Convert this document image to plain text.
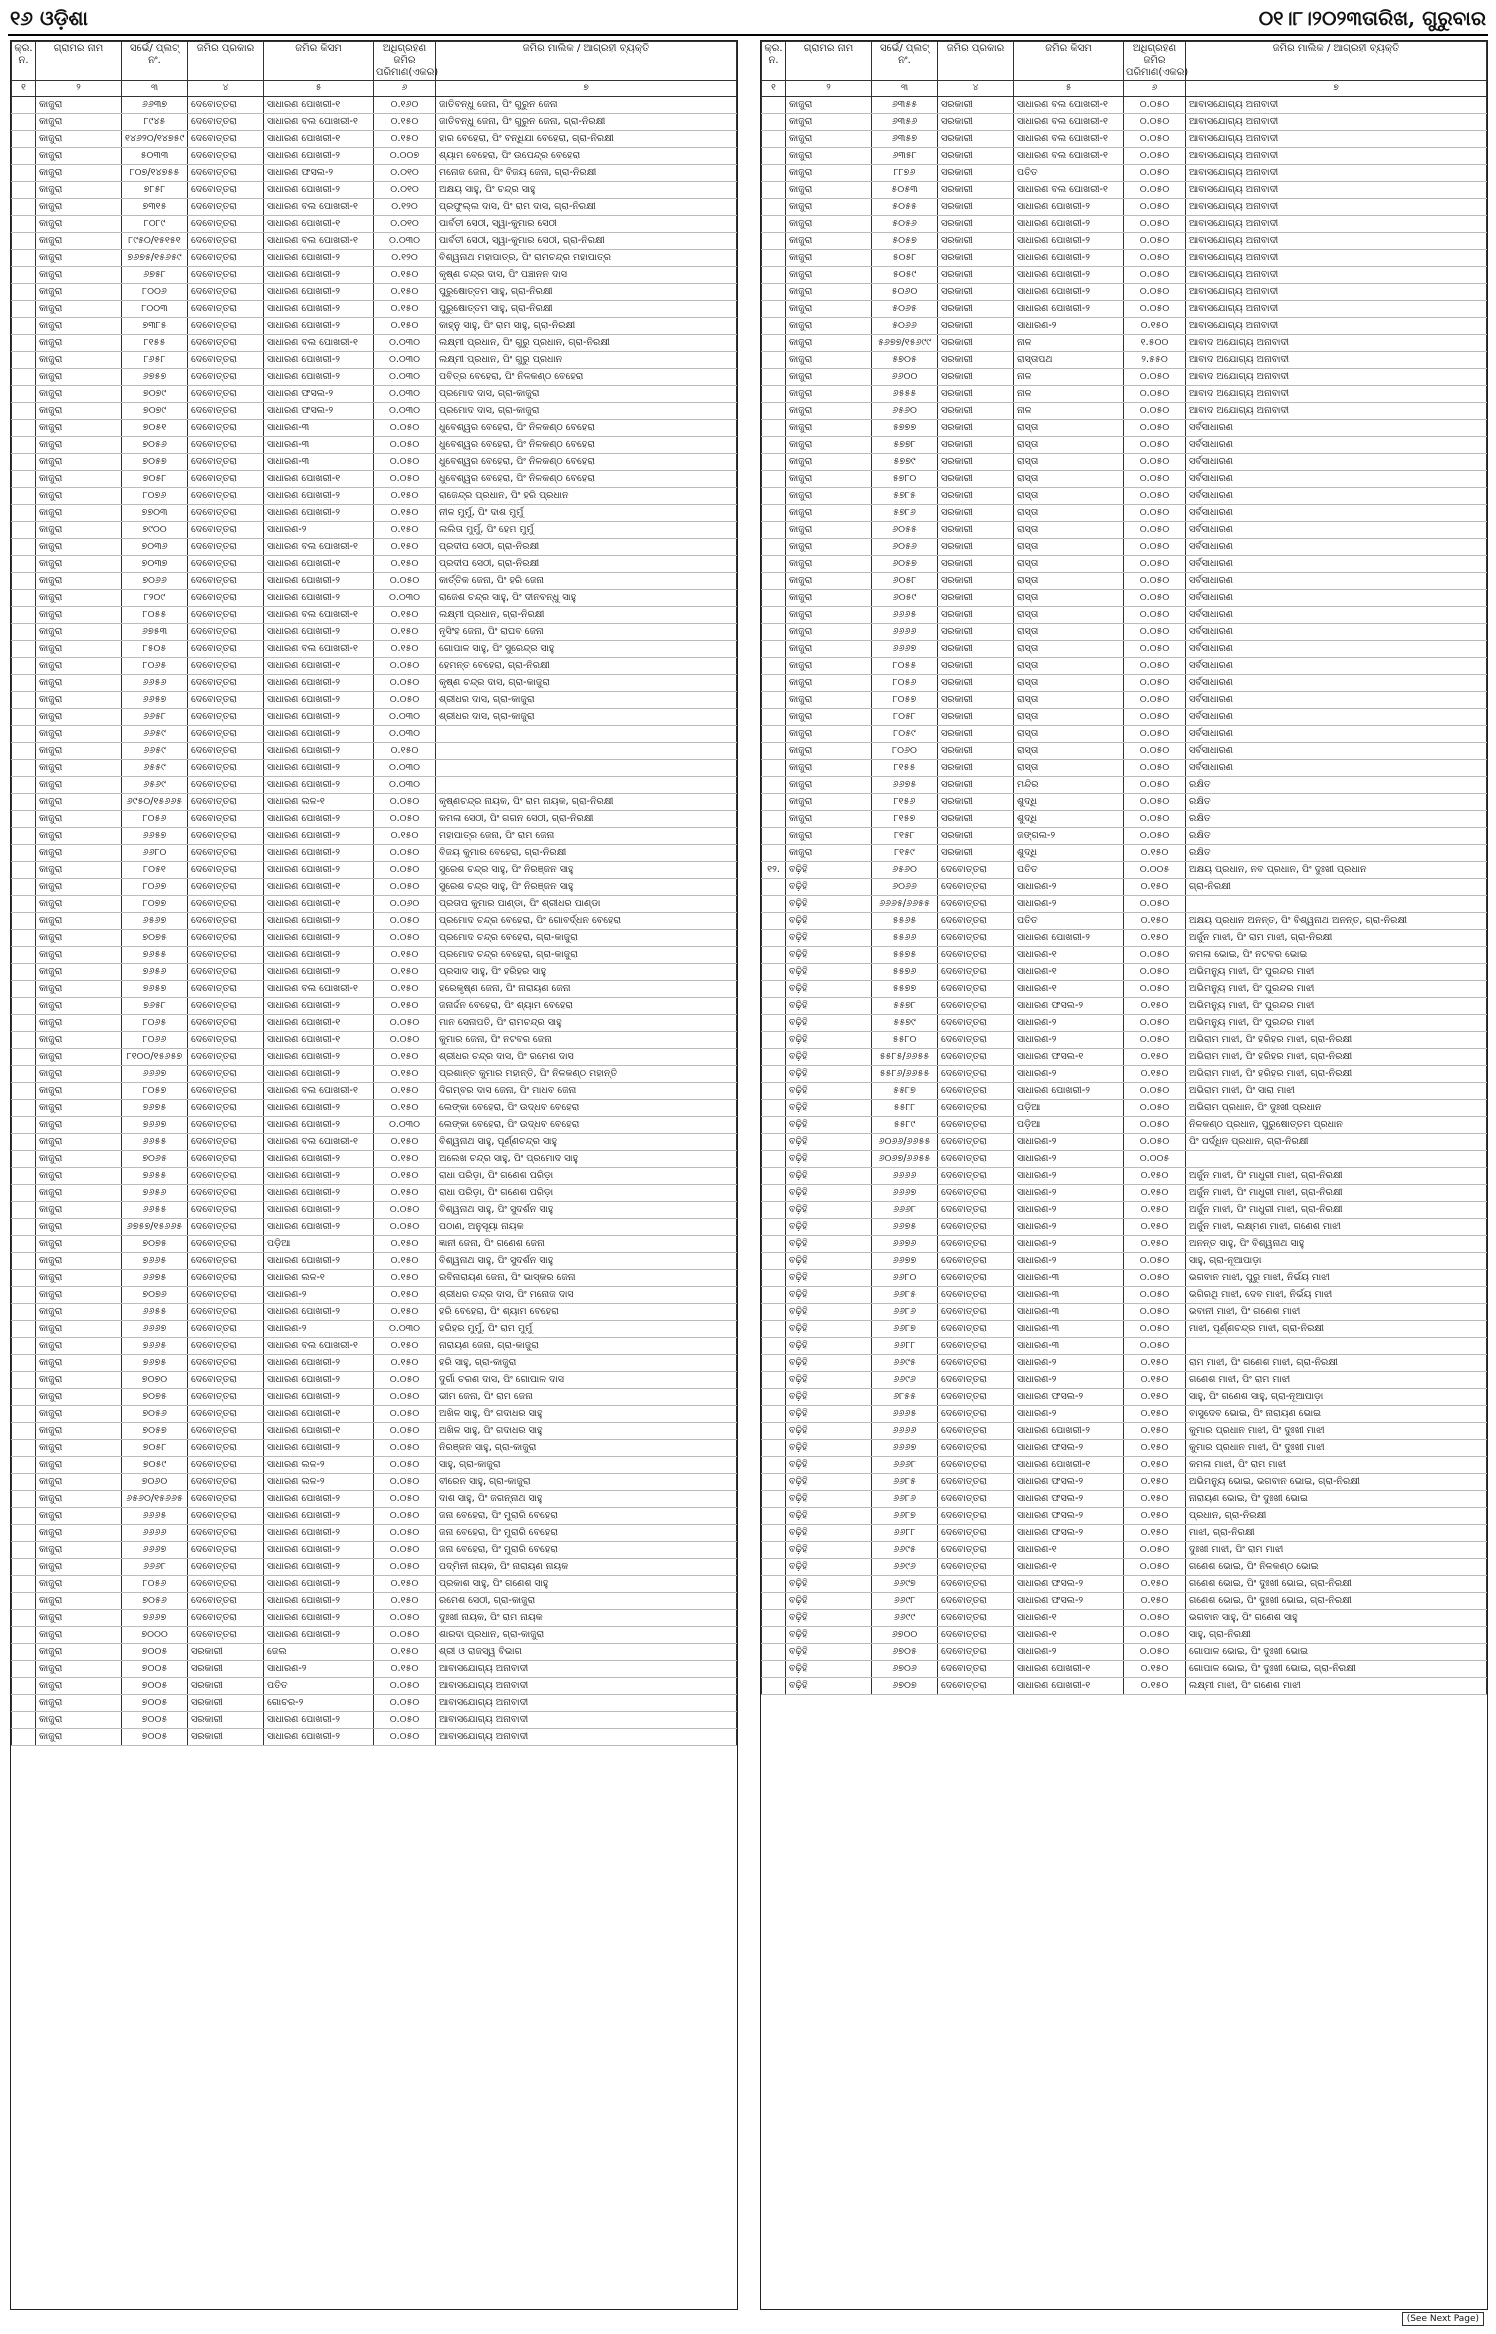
୧୬ ଓଡ଼ିଶା	୦୧।୮।୨୦୨୩ତାରିଖ, ଗୁରୁବାର
କ୍ର. ନ.	ଗ୍ରାମର ନାମ	ସର୍ଭେ/ ପ୍ଲଟ୍ ନଂ.	ଜମିର ପ୍ରକାର	ଜମିର କିସମ	ଅଧିଗ୍ରହଣ ଜମିର ପରିମାଣ(ଏକର)	ଜମିର ମାଲିକ / ଆଗ୍ରହୀ ବ୍ୟକ୍ତି
୧	୨	୩	୪	୫	୬	୭
	କାଜୁରା	୬୬୩୭	ଦେବୋତ୍ତରା	ସାଧାରଣ ପୋଖରୀ-୧	୦.୧୬୦	ଜାତିବନ୍ଧୁ ଜେନା, ପିଂ ଗୁରୁନ ଜେନା
	କାଜୁରା	୮୯୪୫	ଦେବୋତ୍ତରା	ସାଧାରଣ ବଲ ପୋଖରୀ-୧	୦.୧୫୦	ଜାତିବନ୍ଧୁ ଜେନା, ପିଂ ଗୁରୁନ ଜେନା, ଗ୍ରା-ନିରକ୍ଷୀ
	କାଜୁରା	୧୪୬୨୦/୧୪୭୫୯	ଦେବୋତ୍ତରା	ସାଧାରଣ ପୋଖରୀ-୧	୦.୧୫୦	ହାର ବେହେରା, ପିଂ ବନ୍ଧିଯା ବେହେରା, ଗ୍ରା-ନିରକ୍ଷୀ
	କାଜୁରା	୫୦୩୩	ଦେବୋତ୍ତରା	ସାଧାରଣ ପୋଖରୀ-୨	୦.୦୦୭	ଶ୍ୟାମ ବେହେରା, ପିଂ ଉପେନ୍ଦ୍ର ବେହେରା
	କାଜୁରା	୮୦୭/୧୪୭୫୫	ଦେବୋତ୍ତରା	ସାଧାରଣ ଫସଲ-୨	୦.୦୧୦	ମନୋଜ ଜେନା, ପିଂ ବିଜୟ ଜେନା, ଗ୍ରା-ନିରକ୍ଷୀ
	କାଜୁରା	୭୮୫୮	ଦେବୋତ୍ତରା	ସାଧାରଣ ପୋଖରୀ-୨	୦.୦୧୦	ଅକ୍ଷୟ ସାହୁ, ପିଂ ଚନ୍ଦ୍ର ସାହୁ
	କାଜୁରା	୭୩୧୫	ଦେବୋତ୍ତରା	ସାଧାରଣ ବଲ ପୋଖରୀ-୧	୦.୧୨୦	ପ୍ରଫୁଲ୍ଲ ଦାସ, ପିଂ ରାମ ଦାସ, ଗ୍ରା-ନିରକ୍ଷୀ
	କାଜୁରା	୮୦୮୯	ଦେବୋତ୍ତରା	ସାଧାରଣ ପୋଖରୀ-୧	୦.୦୧୦	ପାର୍ବତୀ ସେଠୀ, ସ୍ୱା-କୁମାର ସେଠୀ
	କାଜୁରା	୮୯୫୦/୧୫୧୫୧	ଦେବୋତ୍ତରା	ସାଧାରଣ ବଲ ପୋଖରୀ-୧	୦.୦୩୦	ପାର୍ବତୀ ସେଠୀ, ସ୍ୱା-କୁମାର ସେଠୀ, ଗ୍ରା-ନିରକ୍ଷୀ
	କାଜୁରା	୭୬୭୫/୧୫୬୫୯	ଦେବୋତ୍ତରା	ସାଧାରଣ ପୋଖରୀ-୨	୦.୧୨୦	ବିଶ୍ୱନାଥ ମହାପାତ୍ର, ପିଂ ରାମଚନ୍ଦ୍ର ମହାପାତ୍ର
	କାଜୁରା	୬୭୫୮	ଦେବୋତ୍ତରା	ସାଧାରଣ ପୋଖରୀ-୨	୦.୧୫୦	କୃଷ୍ଣ ଚନ୍ଦ୍ର ଦାସ, ପିଂ ପଞ୍ଚାନନ ଦାସ
	କାଜୁରା	୮୦୦୬	ଦେବୋତ୍ତରା	ସାଧାରଣ ପୋଖରୀ-୨	୦.୧୫୦	ପୁରୁଷୋତ୍ତମ ସାହୁ, ଗ୍ରା-ନିରକ୍ଷୀ
	କାଜୁରା	୮୦୦୩	ଦେବୋତ୍ତରା	ସାଧାରଣ ପୋଖରୀ-୨	୦.୧୫୦	ପୁରୁଷୋତ୍ତମ ସାହୁ, ଗ୍ରା-ନିରକ୍ଷୀ
	କାଜୁରା	୭୩୮୫	ଦେବୋତ୍ତରା	ସାଧାରଣ ପୋଖରୀ-୨	୦.୧୫୦	କାହ୍ନୁ ସାହୁ, ପିଂ ରାମ ସାହୁ, ଗ୍ରା-ନିରକ୍ଷୀ
	କାଜୁରା	୮୧୫୫	ଦେବୋତ୍ତରା	ସାଧାରଣ ବଲ ପୋଖରୀ-୧	୦.୦୩୦	ଲକ୍ଷ୍ମୀ ପ୍ରଧାନ, ପିଂ ଗୁରୁ ପ୍ରଧାନ, ଗ୍ରା-ନିରକ୍ଷୀ
	କାଜୁରା	୮୬୫୮	ଦେବୋତ୍ତରା	ସାଧାରଣ ପୋଖରୀ-୨	୦.୦୩୦	ଲକ୍ଷ୍ମୀ ପ୍ରଧାନ, ପିଂ ଗୁରୁ ପ୍ରଧାନ
	କାଜୁରା	୬୭୫୭	ଦେବୋତ୍ତରା	ସାଧାରଣ ପୋଖରୀ-୨	୦.୦୩୦	ପବିତ୍ର ବେହେରା, ପିଂ ନିଳକଣ୍ଠ ବେହେରା
	କାଜୁରା	୭୦୭୯	ଦେବୋତ୍ତରା	ସାଧାରଣ ଫସଲ-୨	୦.୦୩୦	ପ୍ରମୋଦ ଦାସ, ଗ୍ରା-କାଜୁରା
	କାଜୁରା	୭୦୭୯	ଦେବୋତ୍ତରା	ସାଧାରଣ ଫସଲ-୨	୦.୦୩୦	ପ୍ରମୋଦ ଦାସ, ଗ୍ରା-କାଜୁରା
	କାଜୁରା	୭୦୫୧	ଦେବୋତ୍ତରା	ସାଧାରଣ-୩	୦.୦୫୦	ଧୁବେଶ୍ୱର ବେହେରା, ପିଂ ନିଳକଣ୍ଠ ବେହେରା
	କାଜୁରା	୭୦୫୬	ଦେବୋତ୍ତରା	ସାଧାରଣ-୩	୦.୦୫୦	ଧୁବେଶ୍ୱର ବେହେରା, ପିଂ ନିଳକଣ୍ଠ ବେହେରା
	କାଜୁରା	୭୦୫୭	ଦେବୋତ୍ତରା	ସାଧାରଣ-୩	୦.୦୫୦	ଧୁବେଶ୍ୱର ବେହେରା, ପିଂ ନିଳକଣ୍ଠ ବେହେରା
	କାଜୁରା	୭୦୫୮	ଦେବୋତ୍ତରା	ସାଧାରଣ ପୋଖରୀ-୧	୦.୦୫୦	ଧୁବେଶ୍ୱର ବେହେରା, ପିଂ ନିଳକଣ୍ଠ ବେହେରା
	କାଜୁରା	୮୦୭୬	ଦେବୋତ୍ତରା	ସାଧାରଣ ପୋଖରୀ-୨	୦.୧୫୦	ରାଜେନ୍ଦ୍ର ପ୍ରଧାନ, ପିଂ ହରି ପ୍ରଧାନ
	କାଜୁରା	୭୭୦୩	ଦେବୋତ୍ତରା	ସାଧାରଣ ପୋଖରୀ-୨	୦.୧୫୦	ନୀଳ ମୁର୍ମୁ, ପିଂ ଦାଶ ମୁର୍ମୁ
	କାଜୁରା	୭୯୦୦	ଦେବୋତ୍ତରା	ସାଧାରଣ-୨	୦.୧୫୦	ଲଲିତା ମୁର୍ମୁ, ପିଂ ହେମ ମୁର୍ମୁ
	କାଜୁରା	୭୦୩୬	ଦେବୋତ୍ତରା	ସାଧାରଣ ବଲ ପୋଖରୀ-୧	୦.୧୫୦	ପ୍ରଦୀପ ସେଠୀ, ଗ୍ରା-ନିରକ୍ଷୀ
	କାଜୁରା	୭୦୩୭	ଦେବୋତ୍ତରା	ସାଧାରଣ ପୋଖରୀ-୧	୦.୧୫୦	ପ୍ରଦୀପ ସେଠୀ, ଗ୍ରା-ନିରକ୍ଷୀ
	କାଜୁରା	୭୦୬୬	ଦେବୋତ୍ତରା	ସାଧାରଣ ପୋଖରୀ-୨	୦.୦୫୦	କାର୍ତ୍ତିକ ଜେନା, ପିଂ ହରି ଜେନା
	କାଜୁରା	୮୨୦୯	ଦେବୋତ୍ତରା	ସାଧାରଣ ପୋଖରୀ-୨	୦.୦୩୦	ରାଜେଶ ଚନ୍ଦ୍ର ସାହୁ, ପିଂ ଦୀନବନ୍ଧୁ ସାହୁ
	କାଜୁରା	୮୦୫୫	ଦେବୋତ୍ତରା	ସାଧାରଣ ବଲ ପୋଖରୀ-୧	୦.୧୫୦	ଲକ୍ଷ୍ମୀ ପ୍ରଧାନ, ଗ୍ରା-ନିରକ୍ଷୀ
	କାଜୁରା	୬୭୫୩	ଦେବୋତ୍ତରା	ସାଧାରଣ ପୋଖରୀ-୨	୦.୧୫୦	ନୃସିଂହ ଜେନା, ପିଂ ରାଘବ ଜେନା
	କାଜୁରା	୮୫୦୫	ଦେବୋତ୍ତରା	ସାଧାରଣ ବଲ ପୋଖରୀ-୧	୦.୧୫୦	ଗୋପାଳ ସାହୁ, ପିଂ ସୁରେନ୍ଦ୍ର ସାହୁ
	କାଜୁରା	୮୦୬୫	ଦେବୋତ୍ତରା	ସାଧାରଣ ପୋଖରୀ-୧	୦.୦୫୦	ହେମନ୍ତ ବେହେରା, ଗ୍ରା-ନିରକ୍ଷୀ
	କାଜୁରା	୬୬୫୬	ଦେବୋତ୍ତରା	ସାଧାରଣ ପୋଖରୀ-୨	୦.୦୫୦	କୃଷ୍ଣ ଚନ୍ଦ୍ର ଦାସ, ଗ୍ରା-କାଜୁରା
	କାଜୁରା	୬୬୫୭	ଦେବୋତ୍ତରା	ସାଧାରଣ ପୋଖରୀ-୨	୦.୦୫୦	ଶ୍ରୀଧର ଦାସ, ଗ୍ରା-କାଜୁରା
	କାଜୁରା	୬୬୫୮	ଦେବୋତ୍ତରା	ସାଧାରଣ ପୋଖରୀ-୨	୦.୦୩୦	ଶ୍ରୀଧର ଦାସ, ଗ୍ରା-କାଜୁରା
	କାଜୁରା	୬୬୫୯	ଦେବୋତ୍ତରା	ସାଧାରଣ ପୋଖରୀ-୨	୦.୦୩୦	
	କାଜୁରା	୬୬୫୯	ଦେବୋତ୍ତରା	ସାଧାରଣ ପୋଖରୀ-୨	୦.୧୫୦	
	କାଜୁରା	୬୫୫୯	ଦେବୋତ୍ତରା	ସାଧାରଣ ପୋଖରୀ-୨	୦.୦୩୦	
	କାଜୁରା	୬୫୬୯	ଦେବୋତ୍ତରା	ସାଧାରଣ ପୋଖରୀ-୨	୦.୦୩୦	
	କାଜୁରା	୬୯୫୦/୧୫୬୬୫	ଦେବୋତ୍ତରା	ସାଧାରଣ ଲଳ-୧	୦.୦୫୦	କୃଷ୍ଣଚନ୍ଦ୍ର ନାୟକ, ପିଂ ରାମ ନାୟକ, ଗ୍ରା-ନିରକ୍ଷୀ
	କାଜୁରା	୮୦୫୬	ଦେବୋତ୍ତରା	ସାଧାରଣ ପୋଖରୀ-୨	୦.୦୫୦	କମଳା ସେଠୀ, ପିଂ ଗଗନ ସେଠୀ, ଗ୍ରା-ନିରକ୍ଷୀ
	କାଜୁରା	୬୬୫୭	ଦେବୋତ୍ତରା	ସାଧାରଣ ପୋଖରୀ-୨	୦.୧୫୦	ମହାପାତ୍ର ଜେନା, ପିଂ ରାମ ଜେନା
	କାଜୁରା	୬୬୮୦	ଦେବୋତ୍ତରା	ସାଧାରଣ ପୋଖରୀ-୨	୦.୦୫୦	ବିଜୟ କୁମାର ବେହେରା, ଗ୍ରା-ନିରକ୍ଷୀ
	କାଜୁରା	୮୦୫୧	ଦେବୋତ୍ତରା	ସାଧାରଣ ପୋଖରୀ-୨	୦.୦୫୦	ସୁରେଶ ଚନ୍ଦ୍ର ସାହୁ, ପିଂ ନିରଞ୍ଜନ ସାହୁ
	କାଜୁରା	୮୦୬୭	ଦେବୋତ୍ତରା	ସାଧାରଣ ପୋଖରୀ-୧	୦.୦୫୦	ସୁରେଶ ଚନ୍ଦ୍ର ସାହୁ, ପିଂ ନିରଞ୍ଜନ ସାହୁ
	କାଜୁରା	୮୦୭୭	ଦେବୋତ୍ତରା	ସାଧାରଣ ପୋଖରୀ-୧	୦.୦୬୦	ପ୍ରତାପ କୁମାର ପାଣ୍ଡା, ପିଂ ଶ୍ରୀଧର ପାଣ୍ଡା
	କାଜୁରା	୬୫୬୭	ଦେବୋତ୍ତରା	ସାଧାରଣ ପୋଖରୀ-୨	୦.୦୫୦	ପ୍ରମୋଦ ଚନ୍ଦ୍ର ବେହେରା, ପିଂ ଗୋବର୍ଦ୍ଧନ ବେହେରା
	କାଜୁରା	୭୦୭୫	ଦେବୋତ୍ତରା	ସାଧାରଣ ପୋଖରୀ-୨	୦.୦୫୦	ପ୍ରମୋଦ ଚନ୍ଦ୍ର ବେହେରା, ଗ୍ରା-କାଜୁରା
	କାଜୁରା	୭୬୫୫	ଦେବୋତ୍ତରା	ସାଧାରଣ ପୋଖରୀ-୨	୦.୧୫୦	ପ୍ରମୋଦ ଚନ୍ଦ୍ର ବେହେରା, ଗ୍ରା-କାଜୁରା
	କାଜୁରା	୭୬୫୬	ଦେବୋତ୍ତରା	ସାଧାରଣ ପୋଖରୀ-୨	୦.୧୫୦	ପ୍ରସାଦ ସାହୁ, ପିଂ ହରିହର ସାହୁ
	କାଜୁରା	୭୬୫୭	ଦେବୋତ୍ତରା	ସାଧାରଣ ବଲ ପୋଖରୀ-୧	୦.୧୫୦	ହରେକୃଷ୍ଣ ଜେନା, ପିଂ ନାରାୟଣ ଜେନା
	କାଜୁରା	୭୬୫୮	ଦେବୋତ୍ତରା	ସାଧାରଣ ପୋଖରୀ-୨	୦.୧୫୦	ଜନାର୍ଦ୍ଦନ ବେହେରା, ପିଂ ଶ୍ୟାମ ବେହେରା
	କାଜୁରା	୮୦୬୫	ଦେବୋତ୍ତରା	ସାଧାରଣ ପୋଖରୀ-୧	୦.୦୫୦	ମାନ ସେନାପତି, ପିଂ ରାମଚନ୍ଦ୍ର ସାହୁ
	କାଜୁରା	୮୦୬୬	ଦେବୋତ୍ତରା	ସାଧାରଣ ପୋଖରୀ-୧	୦.୦୫୦	କୁମାର ଜେନା, ପିଂ ନଟବର ଜେନା
	କାଜୁରା	୮୧୦୦/୧୫୬୫୭	ଦେବୋତ୍ତରା	ସାଧାରଣ ପୋଖରୀ-୨	୦.୧୫୦	ଶ୍ରୀଧର ଚନ୍ଦ୍ର ଦାସ, ପିଂ ରମେଶ ଦାସ
	କାଜୁରା	୬୬୬୭	ଦେବୋତ୍ତରା	ସାଧାରଣ ପୋଖରୀ-୨	୦.୧୫୦	ପ୍ରଶାନ୍ତ କୁମାର ମହାନ୍ତି, ପିଂ ନିଳକଣ୍ଠ ମହାନ୍ତି
	କାଜୁରା	୮୦୫୭	ଦେବୋତ୍ତରା	ସାଧାରଣ ବଲ ପୋଖରୀ-୧	୦.୧୫୦	ଦିଗମ୍ବର ଦାସ ଜେନା, ପିଂ ମାଧବ ଜେନା
	କାଜୁରା	୭୬୭୫	ଦେବୋତ୍ତରା	ସାଧାରଣ ପୋଖରୀ-୨	୦.୧୫୦	ଲେଙ୍କା ବେହେରା, ପିଂ ଉଦ୍ଧବ ବେହେରା
	କାଜୁରା	୭୬୬୭	ଦେବୋତ୍ତରା	ସାଧାରଣ ପୋଖରୀ-୨	୦.୦୩୦	ଲେଙ୍କା ବେହେରା, ପିଂ ଉଦ୍ଧବ ବେହେରା
	କାଜୁରା	୬୬୫୫	ଦେବୋତ୍ତରା	ସାଧାରଣ ବଲ ପୋଖରୀ-୧	୦.୧୫୦	ବିଶ୍ୱନାଥ ସାହୁ, ପୂର୍ଣ୍ଣଚନ୍ଦ୍ର ସାହୁ
	କାଜୁରା	୭୦୬୫	ଦେବୋତ୍ତରା	ସାଧାରଣ ପୋଖରୀ-୨	୦.୧୫୦	ଅଲେଖ ଚନ୍ଦ୍ର ସାହୁ, ପିଂ ପ୍ରମୋଦ ସାହୁ
	କାଜୁରା	୭୬୫୫	ଦେବୋତ୍ତରା	ସାଧାରଣ ପୋଖରୀ-୨	୦.୧୫୦	ରାଧା ପରିଡ଼ା, ପିଂ ଗଣେଶ ପରିଡ଼ା
	କାଜୁରା	୭୬୫୬	ଦେବୋତ୍ତରା	ସାଧାରଣ ପୋଖରୀ-୨	୦.୧୫୦	ରାଧା ପରିଡ଼ା, ପିଂ ଗଣେଶ ପରିଡ଼ା
	କାଜୁରା	୬୬୫୫	ଦେବୋତ୍ତରା	ସାଧାରଣ ପୋଖରୀ-୨	୦.୦୫୦	ବିଶ୍ୱନାଥ ସାହୁ, ପିଂ ସୁଦର୍ଶନ ସାହୁ
	କାଜୁରା	୬୭୫୭/୧୫୬୬୫	ଦେବୋତ୍ତରା	ସାଧାରଣ ପୋଖରୀ-୨	୦.୦୫୦	ପଠାଣ, ଅନୁସୂୟା ନାୟକ
	କାଜୁରା	୭୦୭୫	ଦେବୋତ୍ତରା	ପଡ଼ିଆ	୦.୧୫୦	ଜ୍ଞାନୀ ଜେନା, ପିଂ ଗଣେଶ ଜେନା
	କାଜୁରା	୭୬୬୫	ଦେବୋତ୍ତରା	ସାଧାରଣ ପୋଖରୀ-୨	୦.୧୫୦	ବିଶ୍ୱନାଥ ସାହୁ, ପିଂ ସୁଦର୍ଶନ ସାହୁ
	କାଜୁରା	୬୬୭୫	ଦେବୋତ୍ତରା	ସାଧାରଣ ଲଳ-୧	୦.୧୫୦	ରବିନାରାୟଣ ଜେନା, ପିଂ ଭାସ୍କର ଜେନା
	କାଜୁରା	୭୦୭୬	ଦେବୋତ୍ତରା	ସାଧାରଣ-୨	୦.୧୫୦	ଶ୍ରୀଧର ଚନ୍ଦ୍ର ଦାସ, ପିଂ ମନୋଜ ଦାସ
	କାଜୁରା	୬୬୫୫	ଦେବୋତ୍ତରା	ସାଧାରଣ ପୋଖରୀ-୨	୦.୧୫୦	ହରି ବେହେରା, ପିଂ ଶ୍ୟାମ ବେହେରା
	କାଜୁରା	୬୬୬୭	ଦେବୋତ୍ତରା	ସାଧାରଣ-୨	୦.୦୩୦	ହରିହର ମୁର୍ମୁ, ପିଂ ରାମ ମୁର୍ମୁ
	କାଜୁରା	୭୬୬୫	ଦେବୋତ୍ତରା	ସାଧାରଣ ବଲ ପୋଖରୀ-୧	୦.୧୫୦	ନାରାୟଣ ଜେନା, ଗ୍ରା-କାଜୁରା
	କାଜୁରା	୭୬୭୫	ଦେବୋତ୍ତରା	ସାଧାରଣ ପୋଖରୀ-୨	୦.୧୫୦	ହରି ସାହୁ, ଗ୍ରା-କାଜୁରା
	କାଜୁରା	୭୦୭୦	ଦେବୋତ୍ତରା	ସାଧାରଣ ପୋଖରୀ-୨	୦.୦୫୦	ଦୁର୍ଗା ଚରଣ ଦାସ, ପିଂ ଗୋପାଳ ଦାସ
	କାଜୁରା	୭୦୭୫	ଦେବୋତ୍ତରା	ସାଧାରଣ ପୋଖରୀ-୨	୦.୦୫୦	ଭୀମ ଜେନା, ପିଂ ରାମ ଜେନା
	କାଜୁରା	୭୦୫୬	ଦେବୋତ୍ତରା	ସାଧାରଣ ପୋଖରୀ-୧	୦.୦୫୦	ଅଖିଳ ସାହୁ, ପିଂ ଗଦାଧର ସାହୁ
	କାଜୁରା	୭୦୫୭	ଦେବୋତ୍ତରା	ସାଧାରଣ ପୋଖରୀ-୧	୦.୦୫୦	ଅଖିଳ ସାହୁ, ପିଂ ଗଦାଧର ସାହୁ
	କାଜୁରା	୭୦୫୮	ଦେବୋତ୍ତରା	ସାଧାରଣ ପୋଖରୀ-୨	୦.୦୫୦	ନିରଞ୍ଜନ ସାହୁ, ଗ୍ରା-କାଜୁରା
	କାଜୁରା	୭୦୫୯	ଦେବୋତ୍ତରା	ସାଧାରଣ ଲଳ-୨	୦.୦୫୦	ସାହୁ, ଗ୍ରା-କାଜୁରା
	କାଜୁରା	୭୦୬୦	ଦେବୋତ୍ତରା	ସାଧାରଣ ଲଳ-୨	୦.୦୫୦	ବୀରେନ ସାହୁ, ଗ୍ରା-କାଜୁରା
	କାଜୁରା	୬୫୬୦/୧୫୬୬୫	ଦେବୋତ୍ତରା	ସାଧାରଣ ପୋଖରୀ-୨	୦.୦୫୦	ଦାଶ ସାହୁ, ପିଂ ଜଗନ୍ନାଥ ସାହୁ
	କାଜୁରା	୬୬୬୫	ଦେବୋତ୍ତରା	ସାଧାରଣ ପୋଖରୀ-୨	୦.୦୫୦	ଜନା ବେହେରା, ପିଂ ମୁରାରି ବେହେରା
	କାଜୁରା	୬୬୬୬	ଦେବୋତ୍ତରା	ସାଧାରଣ ପୋଖରୀ-୨	୦.୦୫୦	ଜନା ବେହେରା, ପିଂ ମୁରାରି ବେହେରା
	କାଜୁରା	୬୬୬୭	ଦେବୋତ୍ତରା	ସାଧାରଣ ପୋଖରୀ-୨	୦.୦୫୦	ଜନା ବେହେରା, ପିଂ ମୁରାରି ବେହେରା
	କାଜୁରା	୬୬୬୮	ଦେବୋତ୍ତରା	ସାଧାରଣ ପୋଖରୀ-୨	୦.୦୫୦	ପଦ୍ମିନୀ ନାୟକ, ପିଂ ନାରାୟଣ ନାୟକ
	କାଜୁରା	୮୦୫୬	ଦେବୋତ୍ତରା	ସାଧାରଣ ପୋଖରୀ-୨	୦.୧୫୦	ପ୍ରକାଶ ସାହୁ, ପିଂ ଗଣେଶ ସାହୁ
	କାଜୁରା	୭୦୫୬	ଦେବୋତ୍ତରା	ସାଧାରଣ ପୋଖରୀ-୨	୦.୧୫୦	ରମେଶ ସେଠୀ, ଗ୍ରା-କାଜୁରା
	କାଜୁରା	୭୬୬୭	ଦେବୋତ୍ତରା	ସାଧାରଣ ପୋଖରୀ-୨	୦.୦୫୦	ଦୁଃଖୀ ନାୟକ, ପିଂ ରାମ ନାୟକ
	କାଜୁରା	୭୦୦୦	ଦେବୋତ୍ତରା	ସାଧାରଣ ପୋଖରୀ-୨	୦.୦୫୦	ଶାରଦା ପ୍ରଧାନ, ଗ୍ରା-କାଜୁରା
	କାଜୁରା	୭୦୦୫	ସରକାରୀ	ଜେଲ	୦.୧୫୦	ଶ୍ରୀ ଓ ରାଜସ୍ୱ ବିଭାଗ
	କାଜୁରା	୭୦୦୫	ସରକାରୀ	ସାଧାରଣ-୨	୦.୧୫୦	ଆବାସଯୋଗ୍ୟ ଅନାବାଦୀ
	କାଜୁରା	୭୦୦୫	ସରକାରୀ	ପତିତ	୦.୦୫୦	ଆବାସଯୋଗ୍ୟ ଅନାବାଦୀ
	କାଜୁରା	୭୦୦୫	ସରକାରୀ	ଗୋଚର-୨	୦.୦୫୦	ଆବାସଯୋଗ୍ୟ ଅନାବାଦୀ
	କାଜୁରା	୭୦୦୫	ସରକାରୀ	ସାଧାରଣ ପୋଖରୀ-୨	୦.୦୫୦	ଆବାସଯୋଗ୍ୟ ଅନାବାଦୀ
	କାଜୁରା	୭୦୦୫	ସରକାରୀ	ସାଧାରଣ ପୋଖରୀ-୨	୦.୦୫୦	ଆବାସଯୋଗ୍ୟ ଅନାବାଦୀ
କ୍ର. ନ.	ଗ୍ରାମର ନାମ	ସର୍ଭେ/ ପ୍ଲଟ୍ ନଂ.	ଜମିର ପ୍ରକାର	ଜମିର କିସମ	ଅଧିଗ୍ରହଣ ଜମିର ପରିମାଣ(ଏକର)	ଜମିର ମାଲିକ / ଆଗ୍ରହୀ ବ୍ୟକ୍ତି
୧	୨	୩	୪	୫	୬	୭
	କାଜୁରା	୬୩୫୫	ସରକାରୀ	ସାଧାରଣ ବଲ ପୋଖରୀ-୧	୦.୦୫୦	ଆବାସଯୋଗ୍ୟ ଅନାବାଦୀ
	କାଜୁରା	୬୩୫୬	ସରକାରୀ	ସାଧାରଣ ବଲ ପୋଖରୀ-୧	୦.୦୫୦	ଆବାସଯୋଗ୍ୟ ଅନାବାଦୀ
	କାଜୁରା	୬୩୫୭	ସରକାରୀ	ସାଧାରଣ ବଲ ପୋଖରୀ-୧	୦.୦୫୦	ଆବାସଯୋଗ୍ୟ ଅନାବାଦୀ
	କାଜୁରା	୬୩୫୮	ସରକାରୀ	ସାଧାରଣ ବଲ ପୋଖରୀ-୧	୦.୦୫୦	ଆବାସଯୋଗ୍ୟ ଅନାବାଦୀ
	କାଜୁରା	୮୮୭୬	ସରକାରୀ	ପତିତ	୦.୦୫୦	ଆବାସଯୋଗ୍ୟ ଅନାବାଦୀ
	କାଜୁରା	୫୦୫୩	ସରକାରୀ	ସାଧାରଣ ବଲ ପୋଖରୀ-୧	୦.୦୫୦	ଆବାସଯୋଗ୍ୟ ଅନାବାଦୀ
	କାଜୁରା	୫୦୫୫	ସରକାରୀ	ସାଧାରଣ ପୋଖରୀ-୨	୦.୦୫୦	ଆବାସଯୋଗ୍ୟ ଅନାବାଦୀ
	କାଜୁରା	୫୦୫୬	ସରକାରୀ	ସାଧାରଣ ପୋଖରୀ-୨	୦.୦୫୦	ଆବାସଯୋଗ୍ୟ ଅନାବାଦୀ
	କାଜୁରା	୫୦୫୭	ସରକାରୀ	ସାଧାରଣ ପୋଖରୀ-୨	୦.୦୫୦	ଆବାସଯୋଗ୍ୟ ଅନାବାଦୀ
	କାଜୁରା	୫୦୫୮	ସରକାରୀ	ସାଧାରଣ ପୋଖରୀ-୨	୦.୦୫୦	ଆବାସଯୋଗ୍ୟ ଅନାବାଦୀ
	କାଜୁରା	୫୦୫୯	ସରକାରୀ	ସାଧାରଣ ପୋଖରୀ-୨	୦.୦୫୦	ଆବାସଯୋଗ୍ୟ ଅନାବାଦୀ
	କାଜୁରା	୫୦୬୦	ସରକାରୀ	ସାଧାରଣ ପୋଖରୀ-୨	୦.୦୫୦	ଆବାସଯୋଗ୍ୟ ଅନାବାଦୀ
	କାଜୁରା	୫୦୬୫	ସରକାରୀ	ସାଧାରଣ ପୋଖରୀ-୨	୦.୦୫୦	ଆବାସଯୋଗ୍ୟ ଅନାବାଦୀ
	କାଜୁରା	୫୦୬୬	ସରକାରୀ	ସାଧାରଣ-୨	୦.୧୫୦	ଆବାସଯୋଗ୍ୟ ଅନାବାଦୀ
	କାଜୁରା	୫୬୭୭/୧୫୬୯୯	ସରକାରୀ	ନାଳ	୧.୫୦୦	ଆବାଦ ଅଯୋଗ୍ୟ ଅନାବାଦୀ
	କାଜୁରା	୫୭୦୫	ସରକାରୀ	ରାସ୍ତାପଥ	୨.୫୫୦	ଆବାଦ ଅଯୋଗ୍ୟ ଅନାବାଦୀ
	କାଜୁରା	୬୬୦୦	ସରକାରୀ	ନାଳ	୦.୦୫୦	ଆବାଦ ଅଯୋଗ୍ୟ ଅନାବାଦୀ
	କାଜୁରା	୬୫୫୫	ସରକାରୀ	ନାଳ	୦.୦୫୦	ଆବାଦ ଅଯୋଗ୍ୟ ଅନାବାଦୀ
	କାଜୁରା	୬୫୬୦	ସରକାରୀ	ନାଳ	୦.୦୫୦	ଆବାଦ ଅଯୋଗ୍ୟ ଅନାବାଦୀ
	କାଜୁରା	୫୭୭୭	ସରକାରୀ	ରାସ୍ତା	୦.୦୫୦	ସର୍ବସାଧାରଣ
	କାଜୁରା	୫୭୭୮	ସରକାରୀ	ରାସ୍ତା	୦.୦୫୦	ସର୍ବସାଧାରଣ
	କାଜୁରା	୫୭୭୯	ସରକାରୀ	ରାସ୍ତା	୦.୦୫୦	ସର୍ବସାଧାରଣ
	କାଜୁରା	୫୭୮୦	ସରକାରୀ	ରାସ୍ତା	୦.୦୫୦	ସର୍ବସାଧାରଣ
	କାଜୁରା	୫୭୮୫	ସରକାରୀ	ରାସ୍ତା	୦.୦୫୦	ସର୍ବସାଧାରଣ
	କାଜୁରା	୫୭୮୬	ସରକାରୀ	ରାସ୍ତା	୦.୦୫୦	ସର୍ବସାଧାରଣ
	କାଜୁରା	୬୦୫୫	ସରକାରୀ	ରାସ୍ତା	୦.୦୫୦	ସର୍ବସାଧାରଣ
	କାଜୁରା	୬୦୫୬	ସରକାରୀ	ରାସ୍ତା	୦.୦୫୦	ସର୍ବସାଧାରଣ
	କାଜୁରା	୬୦୫୭	ସରକାରୀ	ରାସ୍ତା	୦.୦୫୦	ସର୍ବସାଧାରଣ
	କାଜୁରା	୬୦୫୮	ସରକାରୀ	ରାସ୍ତା	୦.୦୫୦	ସର୍ବସାଧାରଣ
	କାଜୁରା	୬୦୫୯	ସରକାରୀ	ରାସ୍ତା	୦.୦୫୦	ସର୍ବସାଧାରଣ
	କାଜୁରା	୬୬୬୫	ସରକାରୀ	ରାସ୍ତା	୦.୦୫୦	ସର୍ବସାଧାରଣ
	କାଜୁରା	୬୬୬୬	ସରକାରୀ	ରାସ୍ତା	୦.୦୫୦	ସର୍ବସାଧାରଣ
	କାଜୁରା	୬୬୬୭	ସରକାରୀ	ରାସ୍ତା	୦.୦୫୦	ସର୍ବସାଧାରଣ
	କାଜୁରା	୮୦୫୫	ସରକାରୀ	ରାସ୍ତା	୦.୦୫୦	ସର୍ବସାଧାରଣ
	କାଜୁରା	୮୦୫୬	ସରକାରୀ	ରାସ୍ତା	୦.୦୫୦	ସର୍ବସାଧାରଣ
	କାଜୁରା	୮୦୫୭	ସରକାରୀ	ରାସ୍ତା	୦.୦୫୦	ସର୍ବସାଧାରଣ
	କାଜୁରା	୮୦୫୮	ସରକାରୀ	ରାସ୍ତା	୦.୦୫୦	ସର୍ବସାଧାରଣ
	କାଜୁରା	୮୦୫୯	ସରକାରୀ	ରାସ୍ତା	୦.୦୫୦	ସର୍ବସାଧାରଣ
	କାଜୁରା	୮୦୬୦	ସରକାରୀ	ରାସ୍ତା	୦.୦୫୦	ସର୍ବସାଧାରଣ
	କାଜୁରା	୮୧୫୫	ସରକାରୀ	ରାସ୍ତା	୦.୦୫୦	ସର୍ବସାଧାରଣ
	କାଜୁରା	୬୬୭୫	ସରକାରୀ	ମନ୍ଦିର	୦.୦୫୦	ରକ୍ଷିତ
	କାଜୁରା	୮୧୫୬	ସରକାରୀ	ଶୁଦ୍ଧି	୦.୦୫୦	ରକ୍ଷିତ
	କାଜୁରା	୮୧୫୭	ସରକାରୀ	ଶୁଦ୍ଧି	୦.୦୫୦	ରକ୍ଷିତ
	କାଜୁରା	୮୧୫୮	ସରକାରୀ	ଜଙ୍ଗଲ-୨	୦.୦୫୦	ରକ୍ଷିତ
	କାଜୁରା	୮୧୫୯	ସରକାରୀ	ଶୁଦ୍ଧି	୦.୧୫୦	ରକ୍ଷିତ
୧୨.	ବଢ଼ିହି	୬୫୬୦	ଦେବୋତ୍ତରା	ପତିତ	୦.୦୦୫	ଅକ୍ଷୟ ପ୍ରଧାନ, ନବ ପ୍ରଧାନ, ପିଂ ଦୁଃଖୀ ପ୍ରଧାନ
	ବଢ଼ିହି	୬୦୬୬	ଦେବୋତ୍ତରା	ସାଧାରଣ-୨	୦.୧୫୦	ଗ୍ରା-ନିରକ୍ଷୀ
	ବଢ଼ିହି	୬୬୬୫/୬୬୫୫	ଦେବୋତ୍ତରା	ସାଧାରଣ-୨	୦.୦୫୦	
	ବଢ଼ିହି	୫୫୬୫	ଦେବୋତ୍ତରା	ପତିତ	୦.୧୫୦	ଅକ୍ଷୟ ପ୍ରଧାନ ଅନନ୍ତ, ପିଂ ବିଶ୍ୱନାଥ ଅନନ୍ତ, ଗ୍ରା-ନିରକ୍ଷୀ
	ବଢ଼ିହି	୫୫୬୬	ଦେବୋତ୍ତରା	ସାଧାରଣ ପୋଖରୀ-୨	୦.୧୫୦	ଅର୍ଜୁନ ମାଝୀ, ପିଂ ରାମ ମାଝୀ, ଗ୍ରା-ନିରକ୍ଷୀ
	ବଢ଼ିହି	୫୫୭୫	ଦେବୋତ୍ତରା	ସାଧାରଣ-୧	୦.୦୫୦	କମଳା ଭୋଇ, ପିଂ ନଟବର ଭୋଇ
	ବଢ଼ିହି	୫୫୭୬	ଦେବୋତ୍ତରା	ସାଧାରଣ-୧	୦.୦୫୦	ଅଭିମନ୍ୟୁ ମାଝୀ, ପିଂ ପୁରନ୍ଦର ମାଝୀ
	ବଢ଼ିହି	୫୫୭୭	ଦେବୋତ୍ତରା	ସାଧାରଣ-୧	୦.୦୫୦	ଅଭିମନ୍ୟୁ ମାଝୀ, ପିଂ ପୁରନ୍ଦର ମାଝୀ
	ବଢ଼ିହି	୫୫୭୮	ଦେବୋତ୍ତରା	ସାଧାରଣ ଫସଲ-୨	୦.୧୫୦	ଅଭିମନ୍ୟୁ ମାଝୀ, ପିଂ ପୁରନ୍ଦର ମାଝୀ
	ବଢ଼ିହି	୫୫୭୯	ଦେବୋତ୍ତରା	ସାଧାରଣ-୨	୦.୦୫୦	ଅଭିମନ୍ୟୁ ମାଝୀ, ପିଂ ପୁରନ୍ଦର ମାଝୀ
	ବଢ଼ିହି	୫୫୮୦	ଦେବୋତ୍ତରା	ସାଧାରଣ-୨	୦.୦୫୦	ଅଭିରାମ ମାଝୀ, ପିଂ ହରିହର ମାଝୀ, ଗ୍ରା-ନିରକ୍ଷୀ
	ବଢ଼ିହି	୫୫୮୫/୬୬୫୫	ଦେବୋତ୍ତରା	ସାଧାରଣ ଫସଲ-୧	୦.୧୫୦	ଅଭିରାମ ମାଝୀ, ପିଂ ହରିହର ମାଝୀ, ଗ୍ରା-ନିରକ୍ଷୀ
	ବଢ଼ିହି	୫୫୮୬/୬୬୫୫	ଦେବୋତ୍ତରା	ସାଧାରଣ-୨	୦.୧୫୦	ଅଭିରାମ ମାଝୀ, ପିଂ ହରିହର ମାଝୀ, ଗ୍ରା-ନିରକ୍ଷୀ
	ବଢ଼ିହି	୫୫୮୭	ଦେବୋତ୍ତରା	ସାଧାରଣ ପୋଖରୀ-୨	୦.୦୫୦	ଅଭିରାମ ମାଝୀ, ପିଂ ସାରା ମାଝୀ
	ବଢ଼ିହି	୫୫୮୮	ଦେବୋତ୍ତରା	ପଡ଼ିଆ	୦.୦୫୦	ଅଭିରାମ ପ୍ରଧାନ, ପିଂ ଦୁଃଖୀ ପ୍ରଧାନ
	ବଢ଼ିହି	୫୫୮୯	ଦେବୋତ୍ତରା	ପଡ଼ିଆ	୦.୦୫୦	ନିଳକଣ୍ଠ ପ୍ରଧାନ, ପୁରୁଷୋତ୍ତମ ପ୍ରଧାନ
	ବଢ଼ିହି	୬୦୬୬/୬୬୫୫	ଦେବୋତ୍ତରା	ସାଧାରଣ-୨	୦.୦୫୦	ପିଂ ପର୍ଦ୍ଧିନ ପ୍ରଧାନ, ଗ୍ରା-ନିରକ୍ଷୀ
	ବଢ଼ିହି	୬୦୬୭/୬୬୫୫	ଦେବୋତ୍ତରା	ସାଧାରଣ-୨	୦.୦୦୫	
	ବଢ଼ିହି	୬୬୬୬	ଦେବୋତ୍ତରା	ସାଧାରଣ-୨	୦.୧୫୦	ଅର୍ଜୁନ ମାଝୀ, ପିଂ ମାଧୁରୀ ମାଝୀ, ଗ୍ରା-ନିରକ୍ଷୀ
	ବଢ଼ିହି	୬୬୬୭	ଦେବୋତ୍ତରା	ସାଧାରଣ-୨	୦.୧୫୦	ଅର୍ଜୁନ ମାଝୀ, ପିଂ ମାଧୁରୀ ମାଝୀ, ଗ୍ରା-ନିରକ୍ଷୀ
	ବଢ଼ିହି	୬୬୬୮	ଦେବୋତ୍ତରା	ସାଧାରଣ-୨	୦.୧୫୦	ଅର୍ଜୁନ ମାଝୀ, ପିଂ ମାଧୁରୀ ମାଝୀ, ଗ୍ରା-ନିରକ୍ଷୀ
	ବଢ଼ିହି	୬୬୭୫	ଦେବୋତ୍ତରା	ସାଧାରଣ-୨	୦.୧୫୦	ଅର୍ଜୁନ ମାଝୀ, ଲକ୍ଷ୍ମଣ ମାଝୀ, ଗଣେଶ ମାଝୀ
	ବଢ଼ିହି	୬୬୭୬	ଦେବୋତ୍ତରା	ସାଧାରଣ-୨	୦.୧୫୦	ଅନନ୍ତ ସାହୁ, ପିଂ ବିଶ୍ୱନାଥ ସାହୁ
	ବଢ଼ିହି	୬୬୭୭	ଦେବୋତ୍ତରା	ସାଧାରଣ-୨	୦.୦୫୦	ସାହୁ, ଗ୍ରା-ନୂଆପାଡ଼ା
	ବଢ଼ିହି	୬୬୮୦	ଦେବୋତ୍ତରା	ସାଧାରଣ-୩	୦.୦୫୦	ଭଗବାନ ମାଝୀ, ପୁରୁ ମାଝୀ, ନିର୍ଭୟ ମାଝୀ
	ବଢ଼ିହି	୬୬୮୫	ଦେବୋତ୍ତରା	ସାଧାରଣ-୩	୦.୦୫୦	ଭଗିରଥି ମାଝୀ, ଦେବ ମାଝୀ, ନିର୍ଭୟ ମାଝୀ
	ବଢ଼ିହି	୬୬୮୬	ଦେବୋତ୍ତରା	ସାଧାରଣ-୩	୦.୦୫୦	ଭବାନୀ ମାଝୀ, ପିଂ ଗଣେଶ ମାଝୀ
	ବଢ଼ିହି	୬୬୮୭	ଦେବୋତ୍ତରା	ସାଧାରଣ-୩	୦.୦୫୦	ମାଝୀ, ପୂର୍ଣ୍ଣଚନ୍ଦ୍ର ମାଝୀ, ଗ୍ରା-ନିରକ୍ଷୀ
	ବଢ଼ିହି	୬୬୮୮	ଦେବୋତ୍ତରା	ସାଧାରଣ-୩	୦.୦୫୦	
	ବଢ଼ିହି	୬୬୯୫	ଦେବୋତ୍ତରା	ସାଧାରଣ-୨	୦.୧୫୦	ରାମ ମାଝୀ, ପିଂ ଗଣେଶ ମାଝୀ, ଗ୍ରା-ନିରକ୍ଷୀ
	ବଢ଼ିହି	୬୬୯୬	ଦେବୋତ୍ତରା	ସାଧାରଣ-୨	୦.୧୫୦	ଗଣେଶ ମାଝୀ, ପିଂ ରାମ ମାଝୀ
	ବଢ଼ିହି	୬୮୫୫	ଦେବୋତ୍ତରା	ସାଧାରଣ ଫସଲ-୨	୦.୧୫୦	ସାହୁ, ପିଂ ଗଣେଶ ସାହୁ, ଗ୍ରା-ନୂଆପାଡ଼ା
	ବଢ଼ିହି	୬୬୬୫	ଦେବୋତ୍ତରା	ସାଧାରଣ-୨	୦.୧୫୦	ବାସୁଦେବ ଭୋଇ, ପିଂ ନାରାୟଣ ଭୋଇ
	ବଢ଼ିହି	୬୬୬୬	ଦେବୋତ୍ତରା	ସାଧାରଣ ପୋଖରୀ-୨	୦.୧୫୦	କୁମାର ପ୍ରଧାନ ମାଝୀ, ପିଂ ଦୁଃଖୀ ମାଝୀ
	ବଢ଼ିହି	୬୬୬୭	ଦେବୋତ୍ତରା	ସାଧାରଣ ଫସଲ-୨	୦.୧୫୦	କୁମାର ପ୍ରଧାନ ମାଝୀ, ପିଂ ଦୁଃଖୀ ମାଝୀ
	ବଢ଼ିହି	୬୬୬୮	ଦେବୋତ୍ତରା	ସାଧାରଣ ପୋଖରୀ-୧	୦.୧୫୦	କମଳା ମାଝୀ, ପିଂ ରାମ ମାଝୀ
	ବଢ଼ିହି	୬୬୮୫	ଦେବୋତ୍ତରା	ସାଧାରଣ ଫସଲ-୨	୦.୧୫୦	ଅଭିମନ୍ୟୁ ଭୋଇ, ଭଗବାନ ଭୋଇ, ଗ୍ରା-ନିରକ୍ଷୀ
	ବଢ଼ିହି	୬୬୮୬	ଦେବୋତ୍ତରା	ସାଧାରଣ ଫସଲ-୨	୦.୧୫୦	ନାରାୟଣ ଭୋଇ, ପିଂ ଦୁଃଖୀ ଭୋଇ
	ବଢ଼ିହି	୬୬୮୭	ଦେବୋତ୍ତରା	ସାଧାରଣ ଫସଲ-୨	୦.୧୫୦	ପ୍ରଧାନ, ଗ୍ରା-ନିରକ୍ଷୀ
	ବଢ଼ିହି	୬୬୮୮	ଦେବୋତ୍ତରା	ସାଧାରଣ ଫସଲ-୨	୦.୧୫୦	ମାଝୀ, ଗ୍ରା-ନିରକ୍ଷୀ
	ବଢ଼ିହି	୬୬୯୫	ଦେବୋତ୍ତରା	ସାଧାରଣ-୧	୦.୦୫୦	ଦୁଃଖୀ ମାଝୀ, ପିଂ ରାମ ମାଝୀ
	ବଢ଼ିହି	୬୬୯୬	ଦେବୋତ୍ତରା	ସାଧାରଣ-୧	୦.୦୫୦	ଗଣେଶ ଭୋଇ, ପିଂ ନିଳକଣ୍ଠ ଭୋଇ
	ବଢ଼ିହି	୬୬୯୭	ଦେବୋତ୍ତରା	ସାଧାରଣ ଫସଲ-୨	୦.୧୫୦	ଗଣେଶ ଭୋଇ, ପିଂ ଦୁଃଖୀ ଭୋଇ, ଗ୍ରା-ନିରକ୍ଷୀ
	ବଢ଼ିହି	୬୬୯୮	ଦେବୋତ୍ତରା	ସାଧାରଣ ଫସଲ-୨	୦.୧୫୦	ଗଣେଶ ଭୋଇ, ପିଂ ଦୁଃଖୀ ଭୋଇ, ଗ୍ରା-ନିରକ୍ଷୀ
	ବଢ଼ିହି	୬୬୯୯	ଦେବୋତ୍ତରା	ସାଧାରଣ-୧	୦.୦୫୦	ଭଗବାନ ସାହୁ, ପିଂ ଗଣେଶ ସାହୁ
	ବଢ଼ିହି	୬୭୦୦	ଦେବୋତ୍ତରା	ସାଧାରଣ-୧	୦.୦୫୦	ସାହୁ, ଗ୍ରା-ନିରକ୍ଷୀ
	ବଢ଼ିହି	୬୭୦୫	ଦେବୋତ୍ତରା	ସାଧାରଣ-୨	୦.୦୫୦	ଗୋପାଳ ଭୋଇ, ପିଂ ଦୁଃଖୀ ଭୋଇ
	ବଢ଼ିହି	୬୭୦୬	ଦେବୋତ୍ତରା	ସାଧାରଣ ପୋଖରୀ-୧	୦.୧୫୦	ଗୋପାଳ ଭୋଇ, ପିଂ ଦୁଃଖୀ ଭୋଇ, ଗ୍ରା-ନିରକ୍ଷୀ
	ବଢ଼ିହି	୬୭୦୭	ଦେବୋତ୍ତରା	ସାଧାରଣ ପୋଖରୀ-୧	୦.୧୫୦	ଲକ୍ଷ୍ମୀ ମାଝୀ, ପିଂ ଗଣେଶ ମାଝୀ
(See Next Page)
